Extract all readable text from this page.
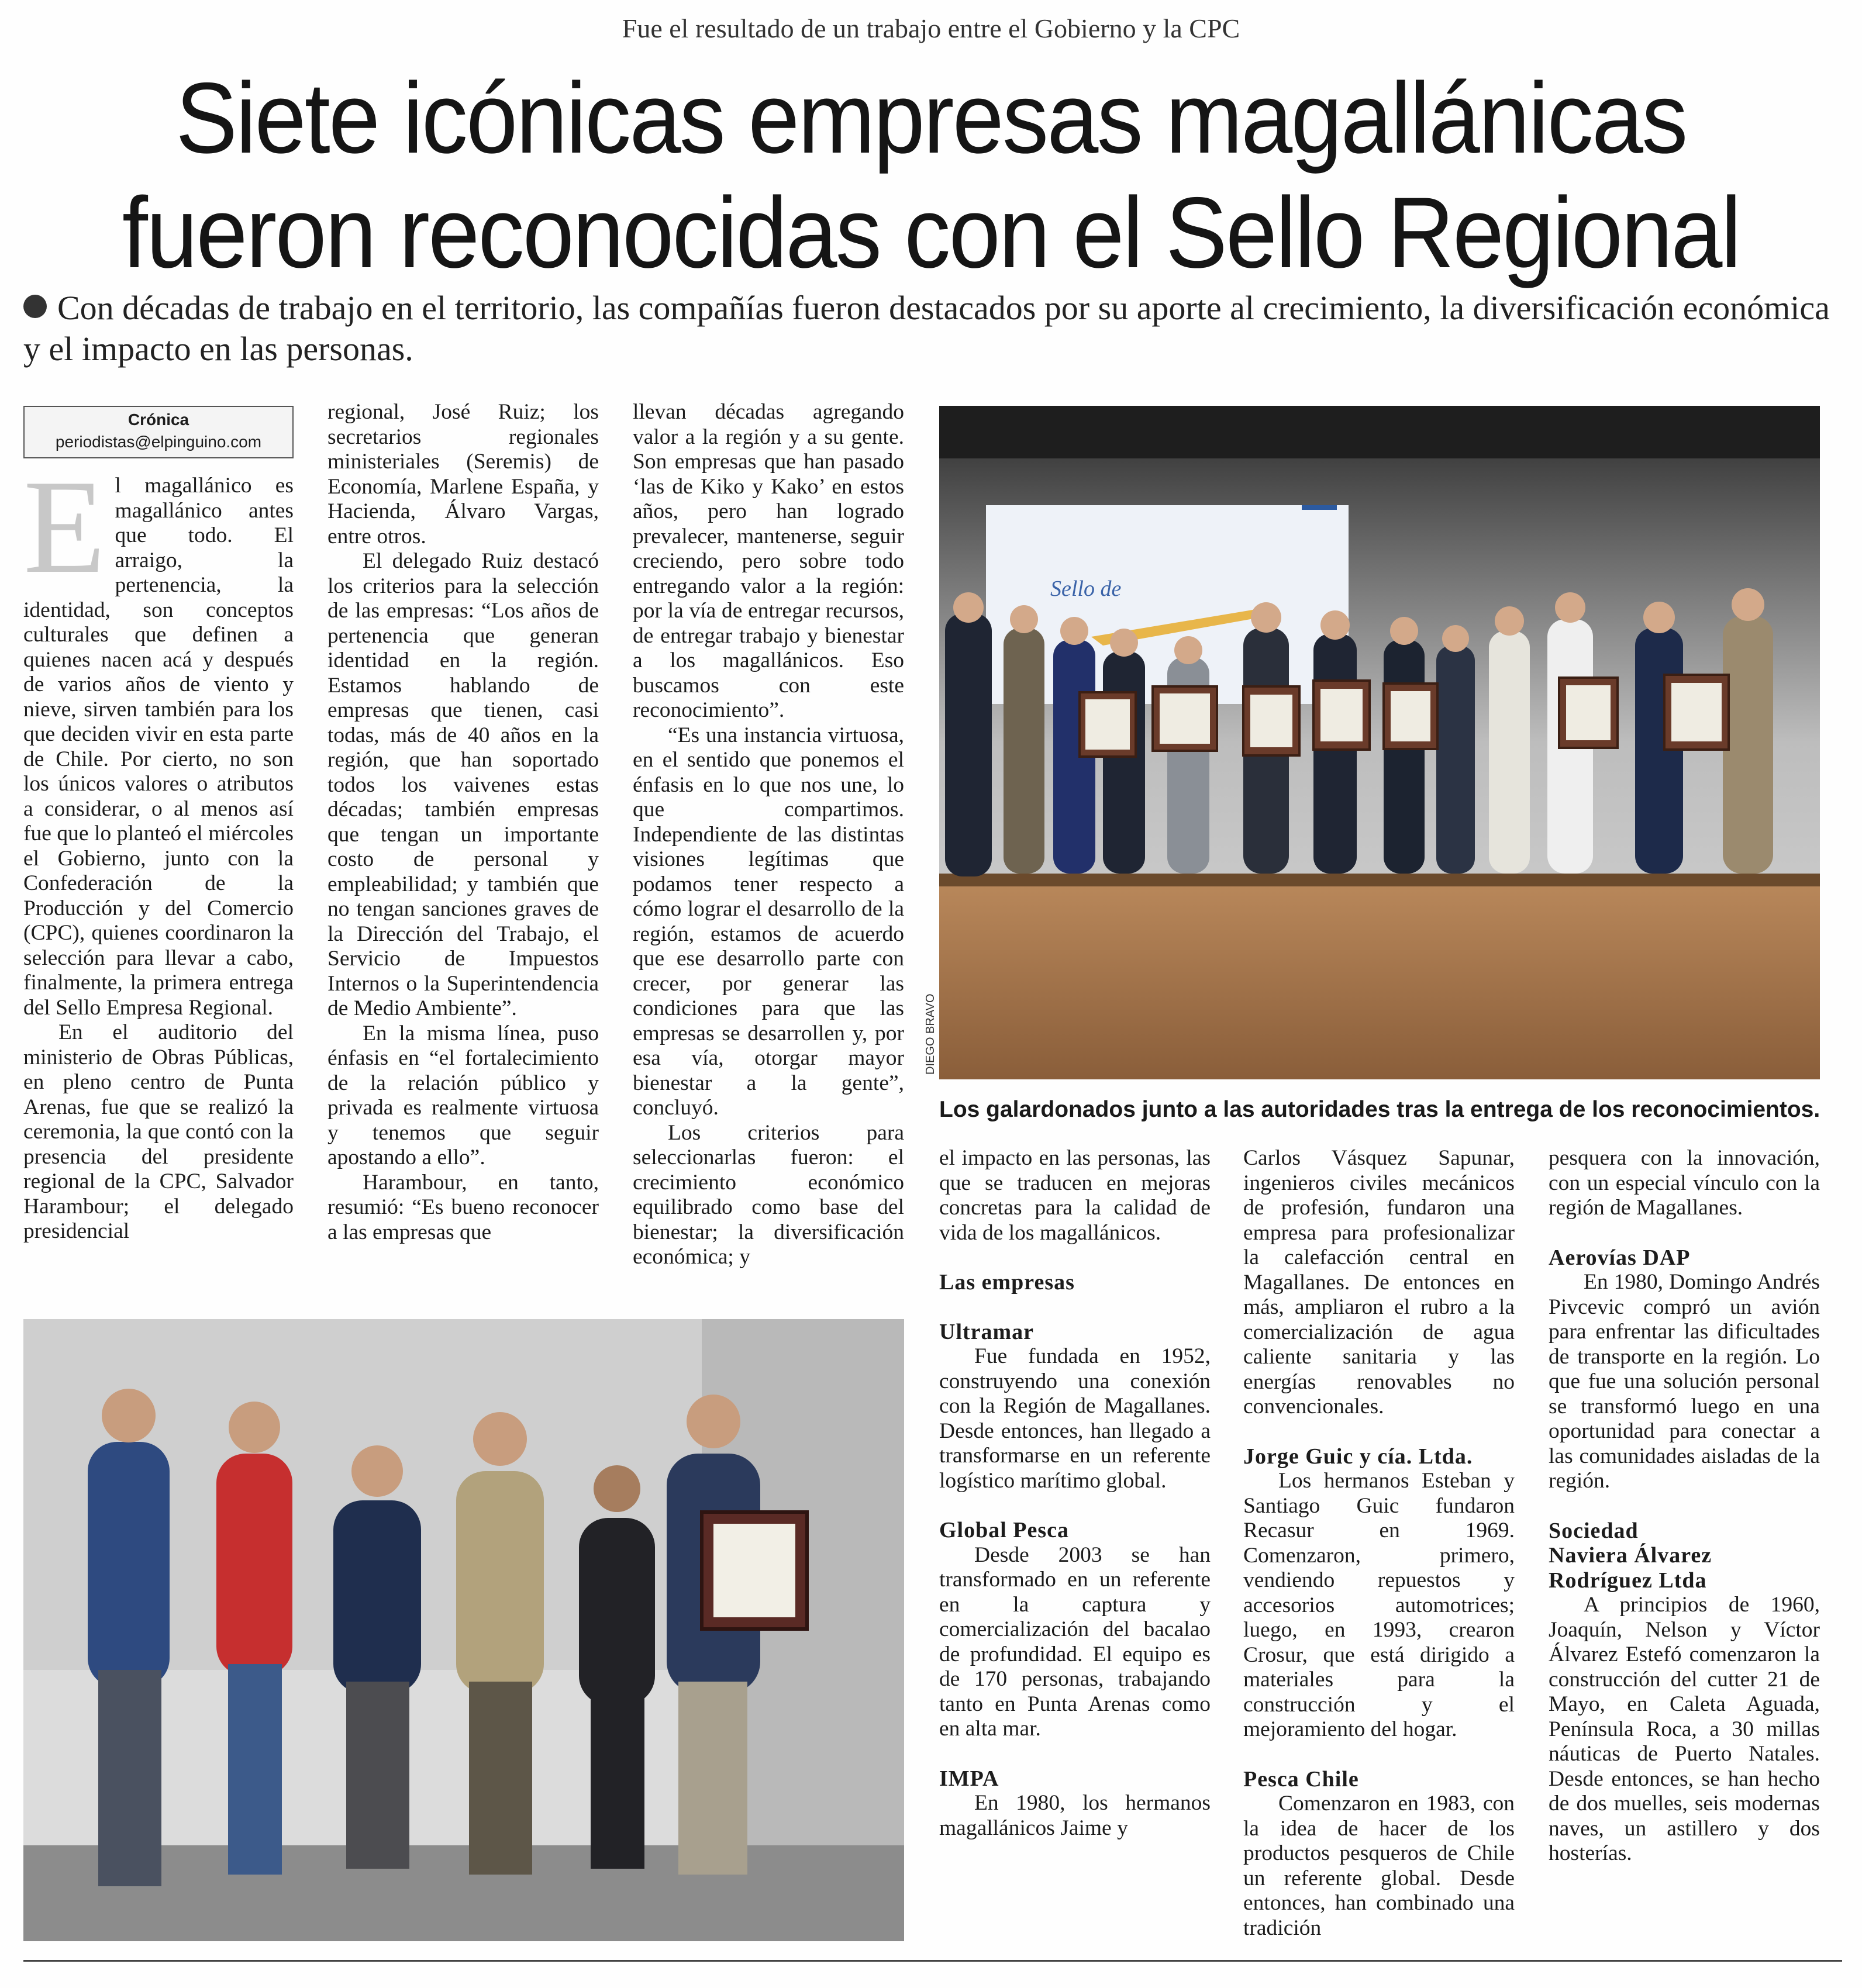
Fue el resultado de un trabajo entre el Gobierno y la CPC
Siete icónicas empresas magallánicas
fueron reconocidas con el Sello Regional
Con décadas de trabajo en el territorio, las compañías fueron destacados por su aporte al crecimiento, la diversificación económica y el impacto en las personas.
Crónica
periodistas@elpinguino.com

El magallánico es magallánico antes que todo. El arraigo, la pertenencia, la identidad, son conceptos culturales que definen a quienes nacen acá y después de varios años de viento y nieve, sirven también para los que deciden vivir en esta parte de Chile. Por cierto, no son los únicos valores o atributos a considerar, o al menos así fue que lo planteó el miércoles el Gobierno, junto con la Confederación de la Producción y del Comercio (CPC), quienes coordinaron la selección para llevar a cabo, finalmente, la primera entrega del Sello Empresa Regional.

En el auditorio del ministerio de Obras Públicas, en pleno centro de Punta Arenas, fue que se realizó la ceremonia, la que contó con la presencia del presidente regional de la CPC, Salvador Harambour; el delegado presidencial

regional, José Ruiz; los secretarios regionales ministeriales (Seremis) de Economía, Marlene España, y Hacienda, Álvaro Vargas, entre otros.

El delegado Ruiz destacó los criterios para la selección de las empresas: “Los años de pertenencia que generan identidad en la región. Estamos hablando de empresas que tienen, casi todas, más de 40 años en la región, que han soportado todos los vaivenes estas décadas; también empresas que tengan un importante costo de personal y empleabilidad; y también que no tengan sanciones graves de la Dirección del Trabajo, el Servicio de Impuestos Internos o la Superintendencia de Medio Ambiente”.

En la misma línea, puso énfasis en “el fortalecimiento de la relación público y privada es realmente virtuosa y tenemos que seguir apostando a ello”.

Harambour, en tanto, resumió: “Es bueno reconocer a las empresas que

llevan décadas agregando valor a la región y a su gente. Son empresas que han pasado ‘las de Kiko y Kako’ en estos años, pero han logrado prevalecer, mantenerse, seguir creciendo, pero sobre todo entregando valor a la región: por la vía de entregar recursos, de entregar trabajo y bienestar a los magallánicos. Eso buscamos con este reconocimiento”.

“Es una instancia virtuosa, en el sentido que ponemos el énfasis en lo que nos une, lo que compartimos. Independiente de las distintas visiones legítimas que podamos tener respecto a cómo lograr el desarrollo de la región, estamos de acuerdo que ese desarrollo parte con crecer, por generar las condiciones para que las empresas se desarrollen y, por esa vía, otorgar mayor bienestar a la gente”, concluyó.

Los criterios para seleccionarlas fueron: el crecimiento económico equilibrado como base del bienestar; la diversificación económica; y

Sello de
DIEGO BRAVO
Los galardonados junto a las autoridades tras la entrega de los reconocimientos.

el impacto en las personas, las que se traducen en mejoras concretas para la calidad de vida de los magallánicos.

Las empresas
Ultramar

Fue fundada en 1952, construyendo una conexión con la Región de Magallanes. Desde entonces, han llegado a transformarse en un referente logístico marítimo global.

Global Pesca

Desde 2003 se han transformado en un referente en la captura y comercialización del bacalao de profundidad. El equipo es de 170 personas, trabajando tanto en Punta Arenas como en alta mar.

IMPA

En 1980, los hermanos magallánicos Jaime y

Carlos Vásquez Sapunar, ingenieros civiles mecánicos de profesión, fundaron una empresa para profesionalizar la calefacción central en Magallanes. De entonces en más, ampliaron el rubro a la comercialización de agua caliente sanitaria y las energías renovables no convencionales.

Jorge Guic y cía. Ltda.

Los hermanos Esteban y Santiago Guic fundaron Recasur en 1969. Comenzaron, primero, vendiendo repuestos y accesorios automotrices; luego, en 1993, crearon Crosur, que está dirigido a materiales para la construcción y el mejoramiento del hogar.

Pesca Chile

Comenzaron en 1983, con la idea de hacer de los productos pesqueros de Chile un referente global. Desde entonces, han combinado una tradición

pesquera con la innovación, con un especial vínculo con la región de Magallanes.

Aerovías DAP

En 1980, Domingo Andrés Pivcevic compró un avión para enfrentar las dificultades de transporte en la región. Lo que fue una solución personal se transformó luego en una oportunidad para conectar a las comunidades aisladas de la región.

Sociedad
Naviera Álvarez
Rodríguez Ltda

A principios de 1960, Joaquín, Nelson y Víctor Álvarez Estefó comenzaron la construcción del cutter 21 de Mayo, en Caleta Aguada, Península Roca, a 30 millas náuticas de Puerto Natales. Desde entonces, se han hecho de dos muelles, seis modernas naves, un astillero y dos hosterías.
